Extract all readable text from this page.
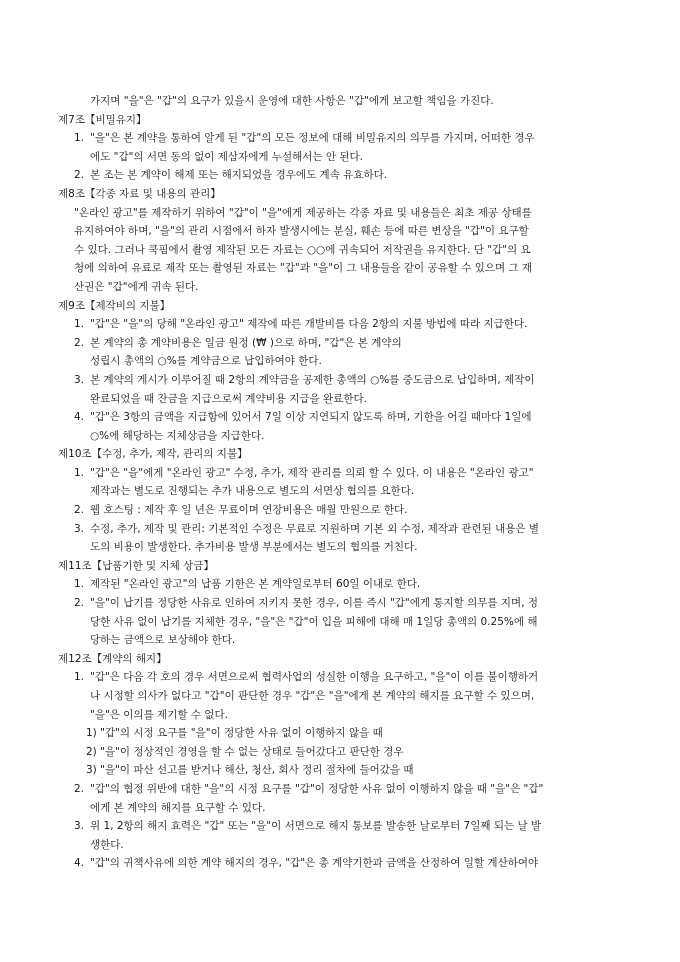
가지며 "을"은 "갑"의 요구가 있을시 운영에 대한 사항은 "갑"에게 보고할 책임을 가진다.
제7조【비밀유지】
1. "을"은 본 계약을 통하여 알게 된 "갑"의 모든 정보에 대해 비밀유지의 의무를 가지며, 어떠한 경우
에도 "갑"의 서면 동의 없이 제삼자에게 누설해서는 안 된다.
2. 본 조는 본 계약이 해제 또는 해지되었을 경우에도 계속 유효하다.
제8조【각종 자료 및 내용의 관리】
"온라인 광고"를 제작하기 위하여 "갑"이 "을"에게 제공하는 각종 자료 및 내용들은 최초 제공 상태를
유지하여야 하며, "을"의 관리 시점에서 하자 발생시에는 분실, 훼손 등에 따른 변상을 "갑"이 요구할
수 있다. 그러나 쿡핌에서 촬영 제작된 모든 자료는 ○○에 귀속되어 저작권을 유지한다. 단 "갑"의 요
청에 의하여 유료로 제작 또는 촬영된 자료는 "갑"과 "을"이 그 내용들을 같이 공유할 수 있으며 그 재
산권은 "갑"에게 귀속 된다.
제9조【제작비의 지불】
1. "갑"은 "을"의 당해 "온라인 광고" 제작에 따른 개발비를 다음 2항의 지불 방법에 따라 지급한다.
2. 본 계약의 총 계약비용은 일금 원정 (₩ )으로 하며, "갑"은 본 계약의
성립시 총액의 ○%를 계약금으로 납입하여야 한다.
3. 본 계약의 게시가 이루어질 때 2항의 계약금을 공제한 총액의 ○%를 중도금으로 납입하며, 제작이
완료되었을 때 잔금을 지급으로써 계약비용 지급을 완료한다.
4. "갑"은 3항의 금액을 지급함에 있어서 7일 이상 지연되지 않도록 하며, 기한을 어길 때마다 1일에
○%에 해당하는 지체상금을 지급한다.
제10조【수정, 추가, 제작, 관리의 지불】
1. "갑"은 "을"에게 "온라인 광고" 수정, 추가, 제작 관리를 의뢰 할 수 있다. 이 내용은 "온라인 광고"
제작과는 별도로 진행되는 추가 내용으로 별도의 서면상 협의를 요한다.
2. 웹 호스팅 : 제작 후 일 년은 무료이며 연장비용은 매월 만원으로 한다.
3. 수정, 추가, 제작 및 관리: 기본적인 수정은 무료로 지원하며 기본 외 수정, 제작과 관련된 내용은 별
도의 비용이 발생한다. 추가비용 발생 부분에서는 별도의 협의를 거친다.
제11조【납품기한 및 지체 상금】
1. 제작된 "온라인 광고"의 납품 기한은 본 계약일로부터 60일 이내로 한다.
2. "을"이 납기를 정당한 사유로 인하여 지키지 못한 경우, 이를 즉시 "갑"에게 통지할 의무를 지며, 정
당한 사유 없이 납기를 지체한 경우, "을"은 "갑"이 입을 피해에 대해 매 1일당 총액의 0.25%에 해
당하는 금액으로 보상해야 한다.
제12조【계약의 해지】
1. "갑"은 다음 각 호의 경우 서면으로써 협력사업의 성실한 이행을 요구하고, "을"이 이를 불이행하거
나 시정할 의사가 없다고 "갑"이 판단한 경우 "갑"은 "을"에게 본 계약의 해지를 요구할 수 있으며,
"을"은 이의를 제기할 수 없다.
1) "갑"의 시정 요구를 "을"이 정당한 사유 없이 이행하지 않을 때
2) "을"이 정상적인 경영을 할 수 없는 상태로 들어갔다고 판단한 경우
3) "을"이 파산 선고를 받거나 해산, 청산, 회사 정리 절차에 들어갔을 때
2. "갑"의 협정 위반에 대한 "을"의 시정 요구를 "갑"이 정당한 사유 없이 이행하지 않을 때 "을"은 "갑"
에게 본 계약의 해지를 요구할 수 있다.
3. 위 1, 2항의 해지 효력은 "갑" 또는 "을"이 서면으로 해지 통보를 발송한 날로부터 7일째 되는 날 발
생한다.
4. "갑"의 귀책사유에 의한 계약 해지의 경우, "갑"은 총 계약기한과 금액을 산정하여 일할 계산하여야
